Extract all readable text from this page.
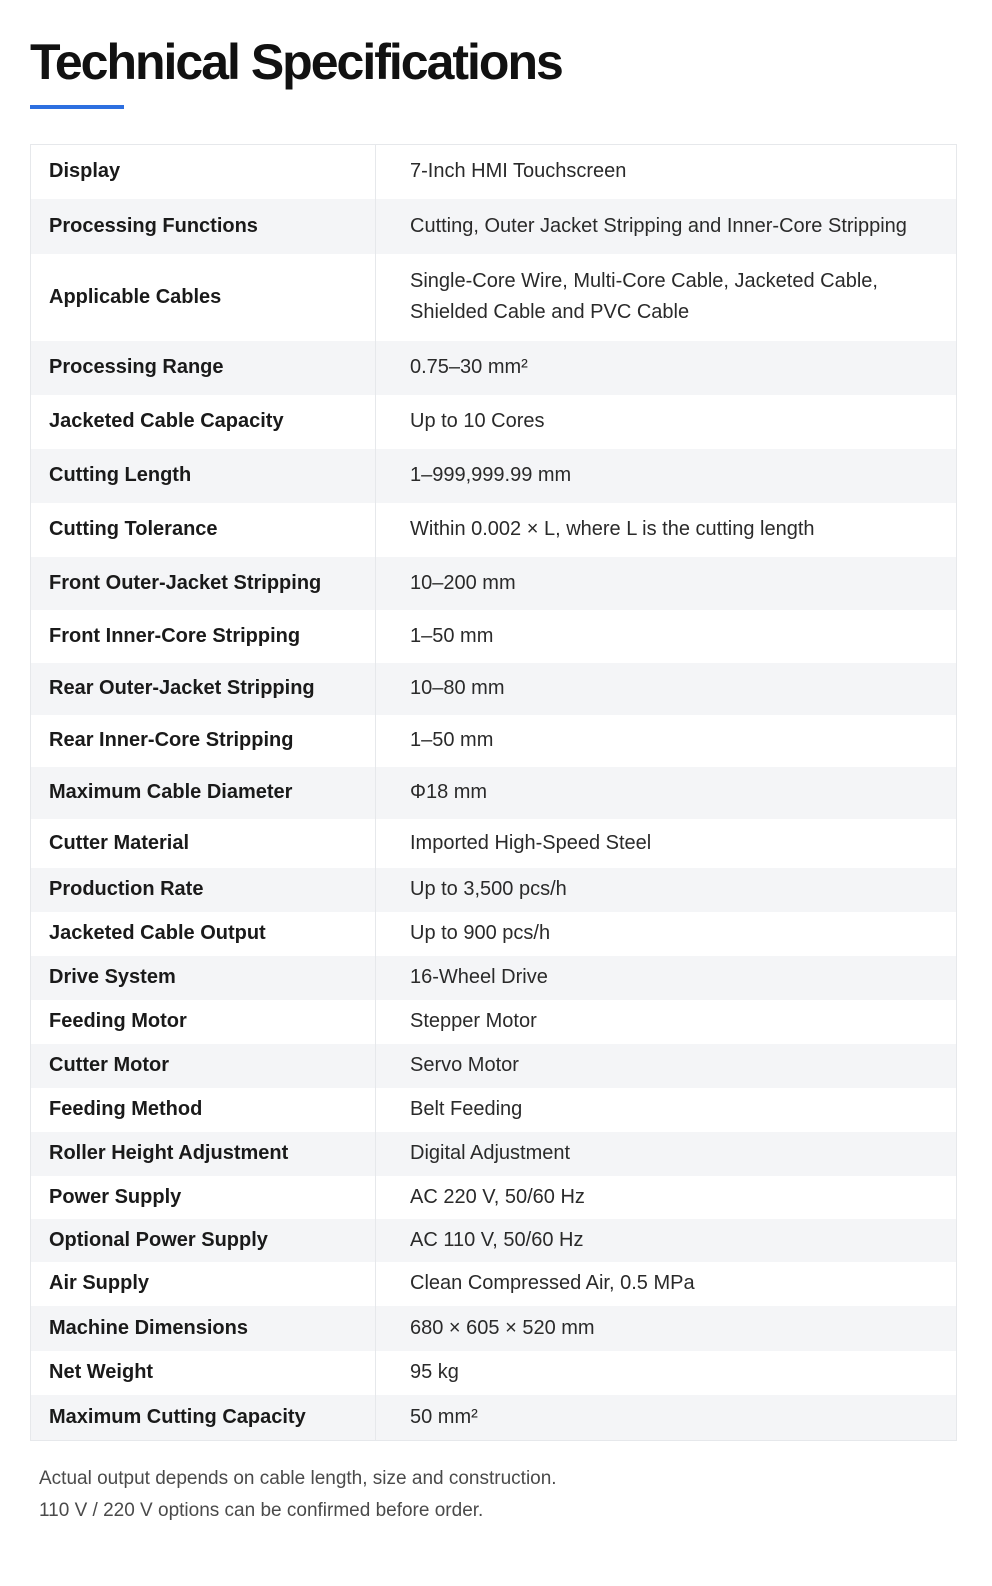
Technical Specifications
Display	7-Inch HMI Touchscreen
Processing Functions	Cutting, Outer Jacket Stripping and Inner-Core Stripping
Applicable Cables	Single-Core Wire, Multi-Core Cable, Jacketed Cable, Shielded Cable and PVC Cable
Processing Range	0.75–30 mm²
Jacketed Cable Capacity	Up to 10 Cores
Cutting Length	1–999,999.99 mm
Cutting Tolerance	Within 0.002 × L, where L is the cutting length
Front Outer-Jacket Stripping	10–200 mm
Front Inner-Core Stripping	1–50 mm
Rear Outer-Jacket Stripping	10–80 mm
Rear Inner-Core Stripping	1–50 mm
Maximum Cable Diameter	Φ18 mm
Cutter Material	Imported High-Speed Steel
Production Rate	Up to 3,500 pcs/h
Jacketed Cable Output	Up to 900 pcs/h
Drive System	16-Wheel Drive
Feeding Motor	Stepper Motor
Cutter Motor	Servo Motor
Feeding Method	Belt Feeding
Roller Height Adjustment	Digital Adjustment
Power Supply	AC 220 V, 50/60 Hz
Optional Power Supply	AC 110 V, 50/60 Hz
Air Supply	Clean Compressed Air, 0.5 MPa
Machine Dimensions	680 × 605 × 520 mm
Net Weight	95 kg
Maximum Cutting Capacity	50 mm²
Actual output depends on cable length, size and construction.
110 V / 220 V options can be confirmed before order.
